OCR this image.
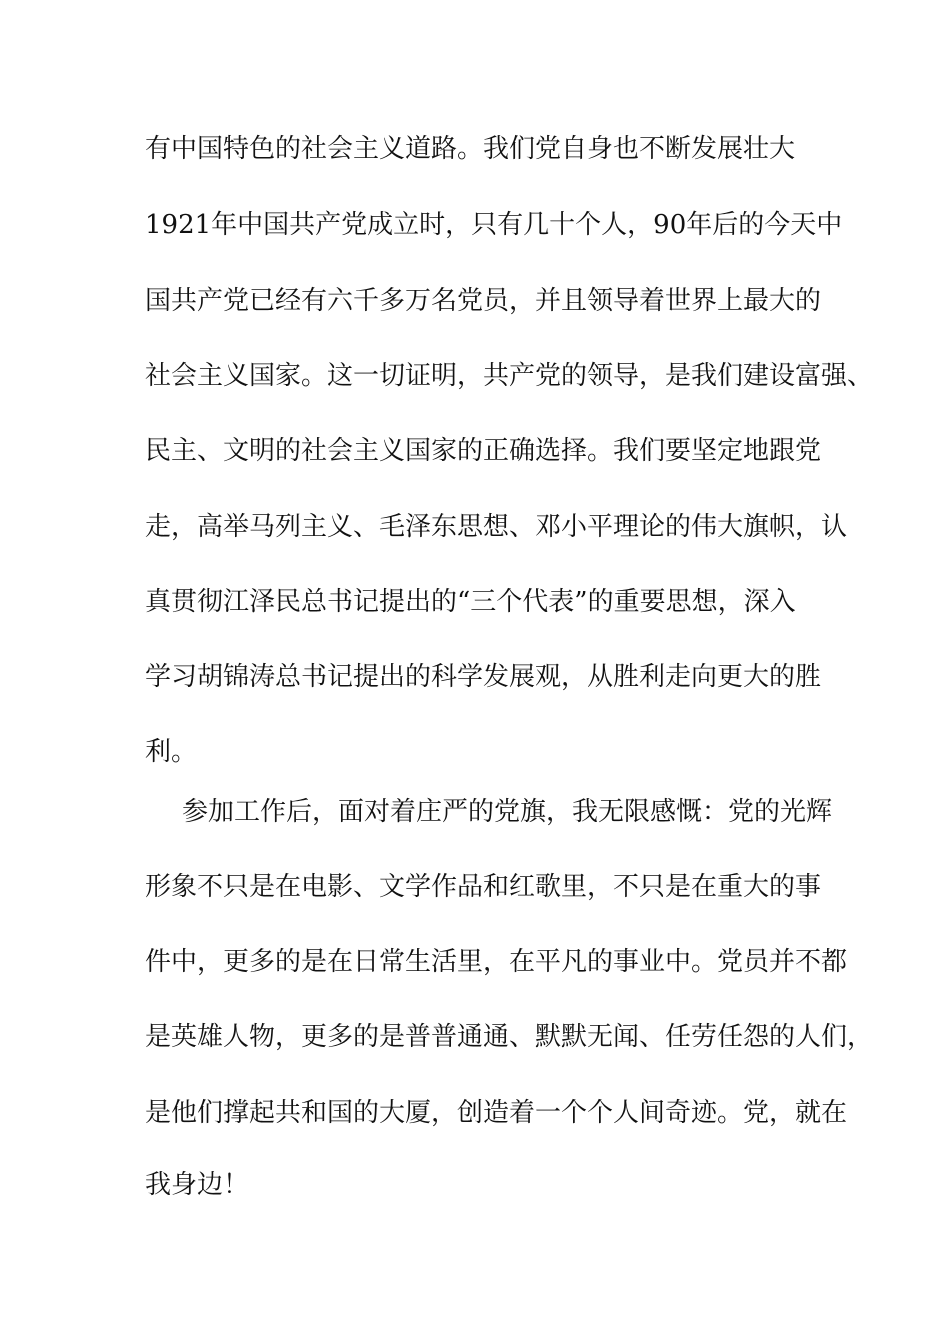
有中国特色的社会主义道路。我们党自身也不断发展壮大
1921年中国共产党成立时，只有几十个人，90年后的今天中
国共产党已经有六千多万名党员，并且领导着世界上最大的
社会主义国家。这一切证明，共产党的领导，是我们建设富强、
民主、文明的社会主义国家的正确选择。我们要坚定地跟党
走，高举马列主义、毛泽东思想、邓小平理论的伟大旗帜，认
真贯彻江泽民总书记提出的“三个代表”的重要思想，深入
学习胡锦涛总书记提出的科学发展观，从胜利走向更大的胜
利。
参加工作后，面对着庄严的党旗，我无限感慨：党的光辉
形象不只是在电影、文学作品和红歌里，不只是在重大的事
件中，更多的是在日常生活里，在平凡的事业中。党员并不都
是英雄人物，更多的是普普通通、默默无闻、任劳任怨的人们，
是他们撑起共和国的大厦，创造着一个个人间奇迹。党，就在
我身边！
